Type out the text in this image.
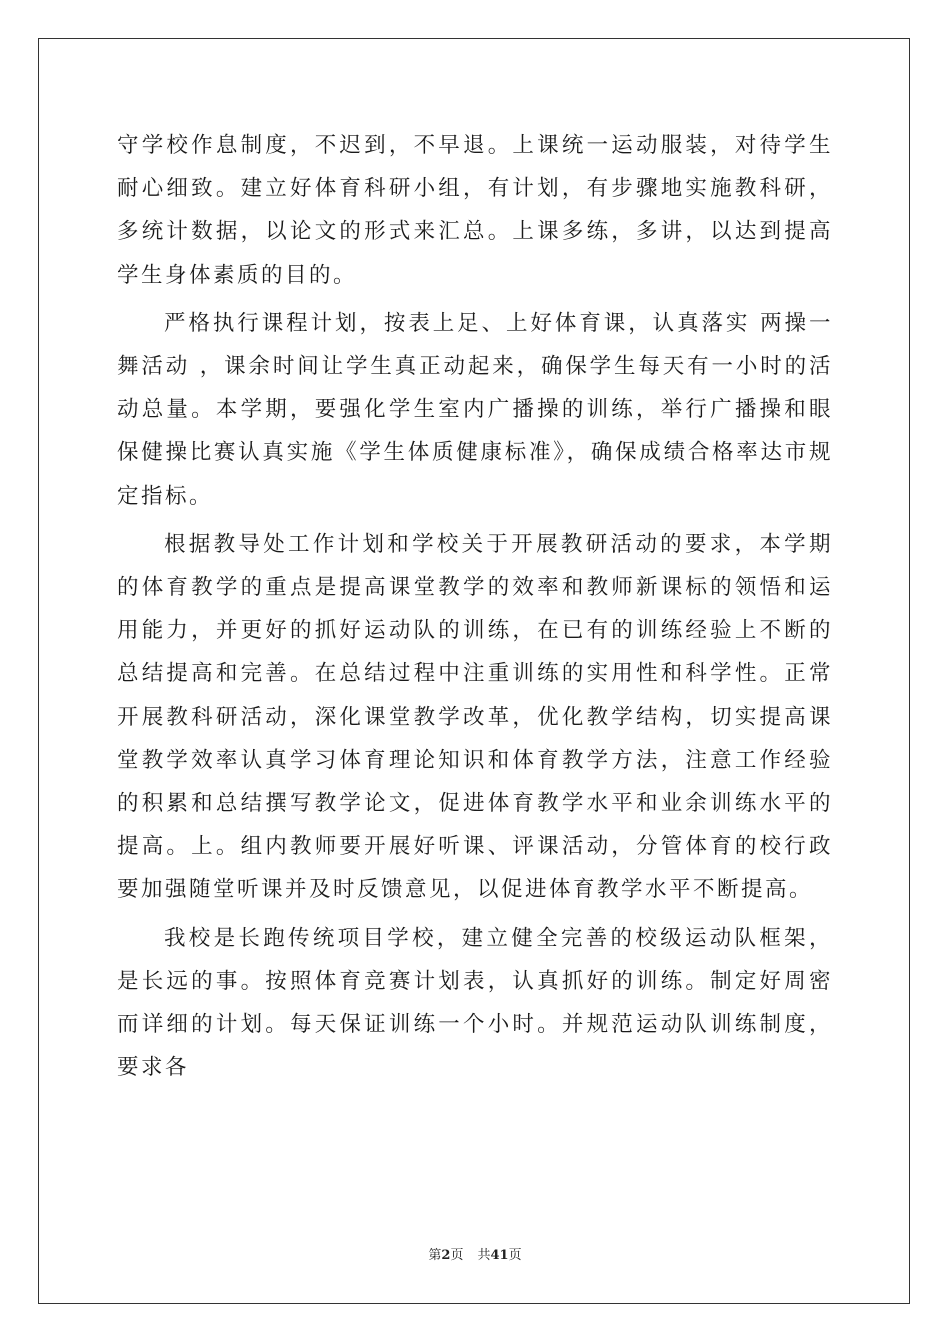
守学校作息制度，不迟到，不早退。上课统一运动服装，对待学生耐心细致。建立好体育科研小组，有计划，有步骤地实施教科研，多统计数据，以论文的形式来汇总。上课多练，多讲，以达到提高学生身体素质的目的。

严格执行课程计划，按表上足、上好体育课，认真落实 两操一舞活动 ，课余时间让学生真正动起来，确保学生每天有一小时的活动总量。本学期，要强化学生室内广播操的训练，举行广播操和眼保健操比赛认真实施《学生体质健康标准》，确保成绩合格率达市规定指标。

根据教导处工作计划和学校关于开展教研活动的要求，本学期的体育教学的重点是提高课堂教学的效率和教师新课标的领悟和运用能力，并更好的抓好运动队的训练，在已有的训练经验上不断的总结提高和完善。在总结过程中注重训练的实用性和科学性。正常开展教科研活动，深化课堂教学改革，优化教学结构，切实提高课堂教学效率认真学习体育理论知识和体育教学方法，注意工作经验的积累和总结撰写教学论文，促进体育教学水平和业余训练水平的提高。上。组内教师要开展好听课、评课活动，分管体育的校行政要加强随堂听课并及时反馈意见，以促进体育教学水平不断提高。

我校是长跑传统项目学校，建立健全完善的校级运动队框架，是长远的事。按照体育竞赛计划表，认真抓好的训练。制定好周密而详细的计划。每天保证训练一个小时。并规范运动队训练制度，要求各

第2页 共41页
